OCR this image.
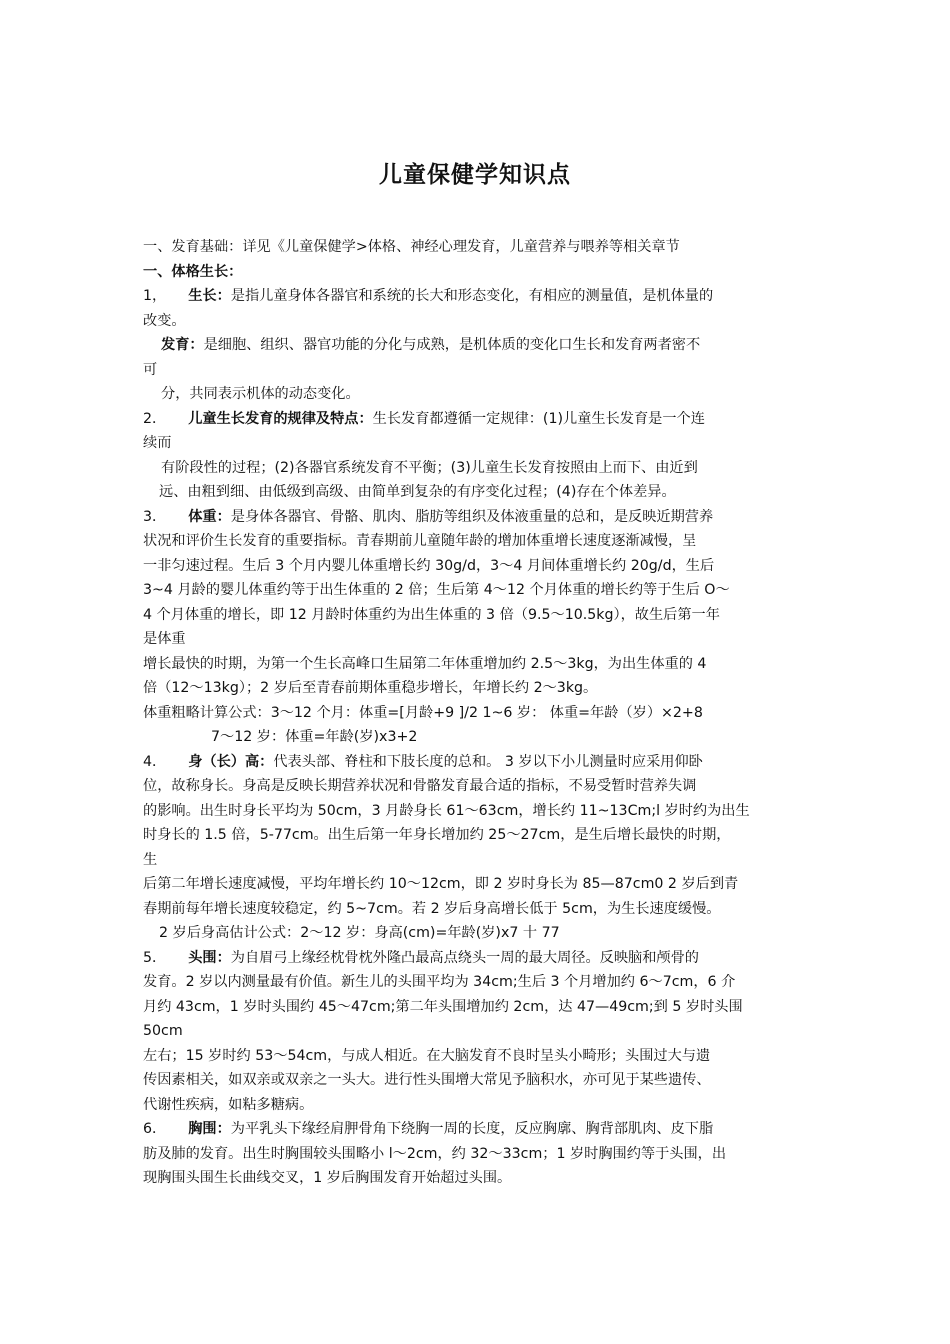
儿童保健学知识点
一、发育基础：详见《儿童保健学>体格、神经心理发育，儿童营养与喂养等相关章节
一、体格生长：
1， 生长：是指儿童身体各器官和系统的长大和形态变化，有相应的测量值，是机体量的
改变。
发育：是细胞、组织、器官功能的分化与成熟，是机体质的变化口生长和发育两者密不
可
分，共同表示机体的动态变化。
2． 儿童生长发育的规律及特点：生长发育都遵循一定规律：(1)儿童生长发育是一个连
续而
有阶段性的过程；(2)各器官系统发育不平衡；(3)儿童生长发育按照由上而下、由近到
远、由粗到细、由低级到高级、由简单到复杂的有序变化过程；(4)存在个体差异。
3． 体重：是身体各器官、骨骼、肌肉、脂肪等组织及体液重量的总和，是反映近期营养
状况和评价生长发育的重要指标。青春期前儿童随年龄的增加体重增长速度逐渐减慢，呈
一非匀速过程。生后 3 个月内婴儿体重增长约 30g/d，3～4 月间体重增长约 20g/d，生后
3~4 月龄的婴儿体重约等于出生体重的 2 倍；生后第 4～12 个月体重的增长约等于生后 O～
4 个月体重的增长，即 12 月龄时体重约为出生体重的 3 倍（9.5～10.5kg），故生后第一年
是体重
增长最快的时期，为第一个生长高峰口生届第二年体重增加约 2.5～3kg，为出生体重的 4
倍（12～13kg）；2 岁后至青春前期体重稳步增长，年增长约 2～3kg。
体重粗略计算公式：3～12 个月：体重=[月龄+9 ]/2 1~6 岁： 体重=年龄（岁）×2+8
7～12 岁：体重=年龄(岁)x3+2
4． 身（长）高：代表头部、脊柱和下肢长度的总和。 3 岁以下小儿测量时应采用仰卧
位，故称身长。身高是反映长期营养状况和骨骼发育最合适的指标，不易受暂时营养失调
的影响。出生时身长平均为 50cm，3 月龄身长 61～63cm，增长约 11~13Cm;l 岁时约为出生
时身长的 1.5 倍，5-77cm。出生后第一年身长增加约 25～27cm，是生后增长最快的时期，
生
后第二年增长速度减慢，平均年增长约 10～12cm，即 2 岁时身长为 85—87cm0 2 岁后到青
春期前每年增长速度较稳定，约 5~7cm。若 2 岁后身高增长低于 5cm，为生长速度缓慢。
2 岁后身高估计公式：2～12 岁：身高(cm)=年龄(岁)x7 十 77
5． 头围：为自眉弓上缘经枕骨枕外隆凸最高点绕头一周的最大周径。反映脑和颅骨的
发育。2 岁以内测量最有价值。新生儿的头围平均为 34cm;生后 3 个月增加约 6～7cm，6 介
月约 43cm，1 岁时头围约 45～47cm;第二年头围增加约 2cm，达 47—49cm;到 5 岁时头围
50cm
左右；15 岁时约 53～54cm，与成人相近。在大脑发育不良时呈头小畸形；头围过大与遗
传因素相关，如双亲或双亲之一头大。进行性头围增大常见予脑积水，亦可见于某些遗传、
代谢性疾病，如粘多糖病。
6． 胸围：为平乳头下缘经肩胛骨角下绕胸一周的长度，反应胸廓、胸背部肌肉、皮下脂
肪及肺的发育。出生时胸围较头围略小 l～2cm，约 32～33cm；1 岁时胸围约等于头围，出
现胸围头围生长曲线交叉，1 岁后胸围发育开始超过头围。
